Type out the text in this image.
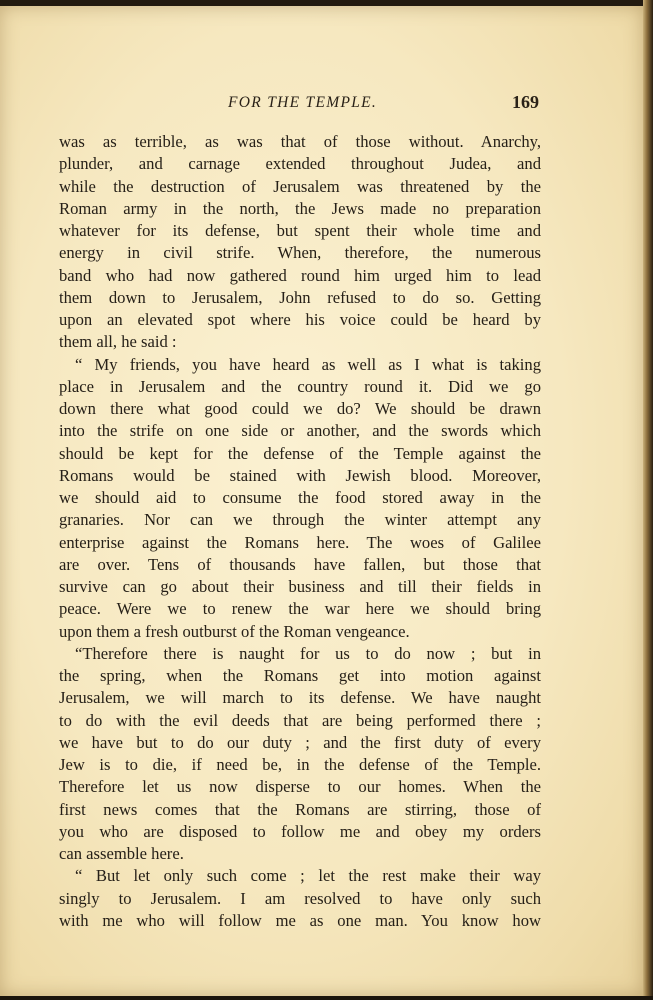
FOR THE TEMPLE.	169
was as terrible, as was that of those without. Anarchy,
plunder, and carnage extended throughout Judea, and
while the destruction of Jerusalem was threatened by the
Roman army in the north, the Jews made no preparation
whatever for its defense, but spent their whole time and
energy in civil strife. When, therefore, the numerous
band who had now gathered round him urged him to lead
them down to Jerusalem, John refused to do so. Getting
upon an elevated spot where his voice could be heard by
them all, he said :
“ My friends, you have heard as well as I what is taking
place in Jerusalem and the country round it. Did we go
down there what good could we do? We should be drawn
into the strife on one side or another, and the swords which
should be kept for the defense of the Temple against the
Romans would be stained with Jewish blood. Moreover,
we should aid to consume the food stored away in the
granaries. Nor can we through the winter attempt any
enterprise against the Romans here. The woes of Galilee
are over. Tens of thousands have fallen, but those that
survive can go about their business and till their fields in
peace. Were we to renew the war here we should bring
upon them a fresh outburst of the Roman vengeance.
“Therefore there is naught for us to do now ; but in
the spring, when the Romans get into motion against
Jerusalem, we will march to its defense. We have naught
to do with the evil deeds that are being performed there ;
we have but to do our duty ; and the first duty of every
Jew is to die, if need be, in the defense of the Temple.
Therefore let us now disperse to our homes. When the
first news comes that the Romans are stirring, those of
you who are disposed to follow me and obey my orders
can assemble here.
“ But let only such come ; let the rest make their way
singly to Jerusalem. I am resolved to have only such
with me who will follow me as one man. You know how
